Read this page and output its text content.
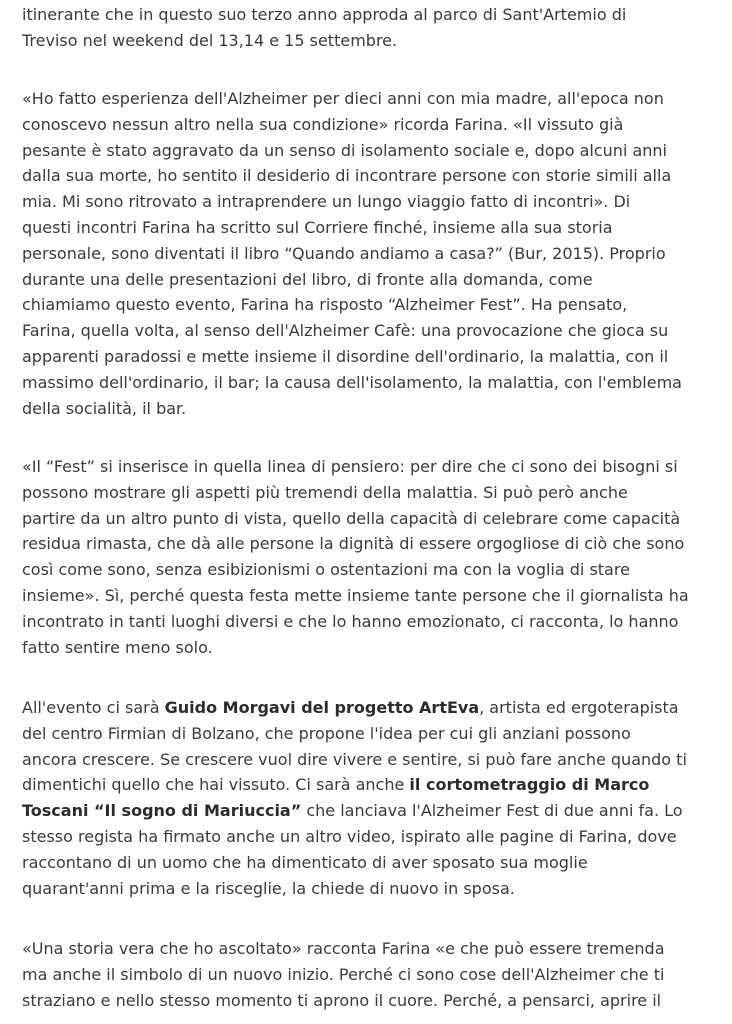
itinerante che in questo suo terzo anno approda al parco di Sant'Artemio di
Treviso nel weekend del 13,14 e 15 settembre.

«Ho fatto esperienza dell'Alzheimer per dieci anni con mia madre, all'epoca non
conoscevo nessun altro nella sua condizione» ricorda Farina. «Il vissuto già
pesante è stato aggravato da un senso di isolamento sociale e, dopo alcuni anni
dalla sua morte, ho sentito il desiderio di incontrare persone con storie simili alla
mia. Mi sono ritrovato a intraprendere un lungo viaggio fatto di incontri». Di
questi incontri Farina ha scritto sul Corriere finché, insieme alla sua storia
personale, sono diventati il libro “Quando andiamo a casa?” (Bur, 2015). Proprio
durante una delle presentazioni del libro, di fronte alla domanda, come
chiamiamo questo evento, Farina ha risposto “Alzheimer Fest”. Ha pensato,
Farina, quella volta, al senso dell'Alzheimer Cafè: una provocazione che gioca su
apparenti paradossi e mette insieme il disordine dell'ordinario, la malattia, con il
massimo dell'ordinario, il bar; la causa dell'isolamento, la malattia, con l'emblema
della socialità, il bar.

«Il “Fest” si inserisce in quella linea di pensiero: per dire che ci sono dei bisogni si
possono mostrare gli aspetti più tremendi della malattia. Si può però anche
partire da un altro punto di vista, quello della capacità di celebrare come capacità
residua rimasta, che dà alle persone la dignità di essere orgogliose di ciò che sono
così come sono, senza esibizionismi o ostentazioni ma con la voglia di stare
insieme». Sì, perché questa festa mette insieme tante persone che il giornalista ha
incontrato in tanti luoghi diversi e che lo hanno emozionato, ci racconta, lo hanno
fatto sentire meno solo.

All'evento ci sarà Guido Morgavi del progetto ArtEva, artista ed ergoterapista
del centro Firmian di Bolzano, che propone l'idea per cui gli anziani possono
ancora crescere. Se crescere vuol dire vivere e sentire, si può fare anche quando ti
dimentichi quello che hai vissuto. Ci sarà anche il cortometraggio di Marco
Toscani “Il sogno di Mariuccia” che lanciava l'Alzheimer Fest di due anni fa. Lo
stesso regista ha firmato anche un altro video, ispirato alle pagine di Farina, dove
raccontano di un uomo che ha dimenticato di aver sposato sua moglie
quarant'anni prima e la risceglie, la chiede di nuovo in sposa.

«Una storia vera che ho ascoltato» racconta Farina «e che può essere tremenda
ma anche il simbolo di un nuovo inizio. Perché ci sono cose dell'Alzheimer che ti
straziano e nello stesso momento ti aprono il cuore. Perché, a pensarci, aprire il
